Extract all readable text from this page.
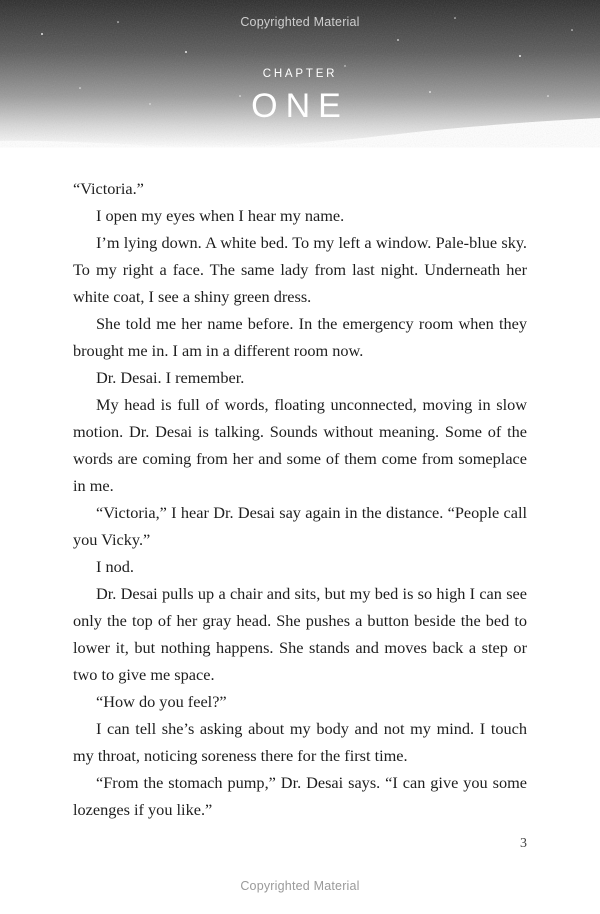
Copyrighted Material
CHAPTER
ONE

“Victoria.”

I open my eyes when I hear my name.

I’m lying down. A white bed. To my left a window. Pale-blue sky. To my right a face. The same lady from last night. Underneath her white coat, I see a shiny green dress.

She told me her name before. In the emergency room when they brought me in. I am in a different room now.

Dr. Desai. I remember.

My head is full of words, floating unconnected, moving in slow motion. Dr. Desai is talking. Sounds without meaning. Some of the words are coming from her and some of them come from someplace in me.

“Victoria,” I hear Dr. Desai say again in the distance. “People call you Vicky.”

I nod.

Dr. Desai pulls up a chair and sits, but my bed is so high I can see only the top of her gray head. She pushes a button beside the bed to lower it, but nothing happens. She stands and moves back a step or two to give me space.

“How do you feel?”

I can tell she’s asking about my body and not my mind. I touch my throat, noticing soreness there for the first time.

“From the stomach pump,” Dr. Desai says. “I can give you some lozenges if you like.”

3
Copyrighted Material
